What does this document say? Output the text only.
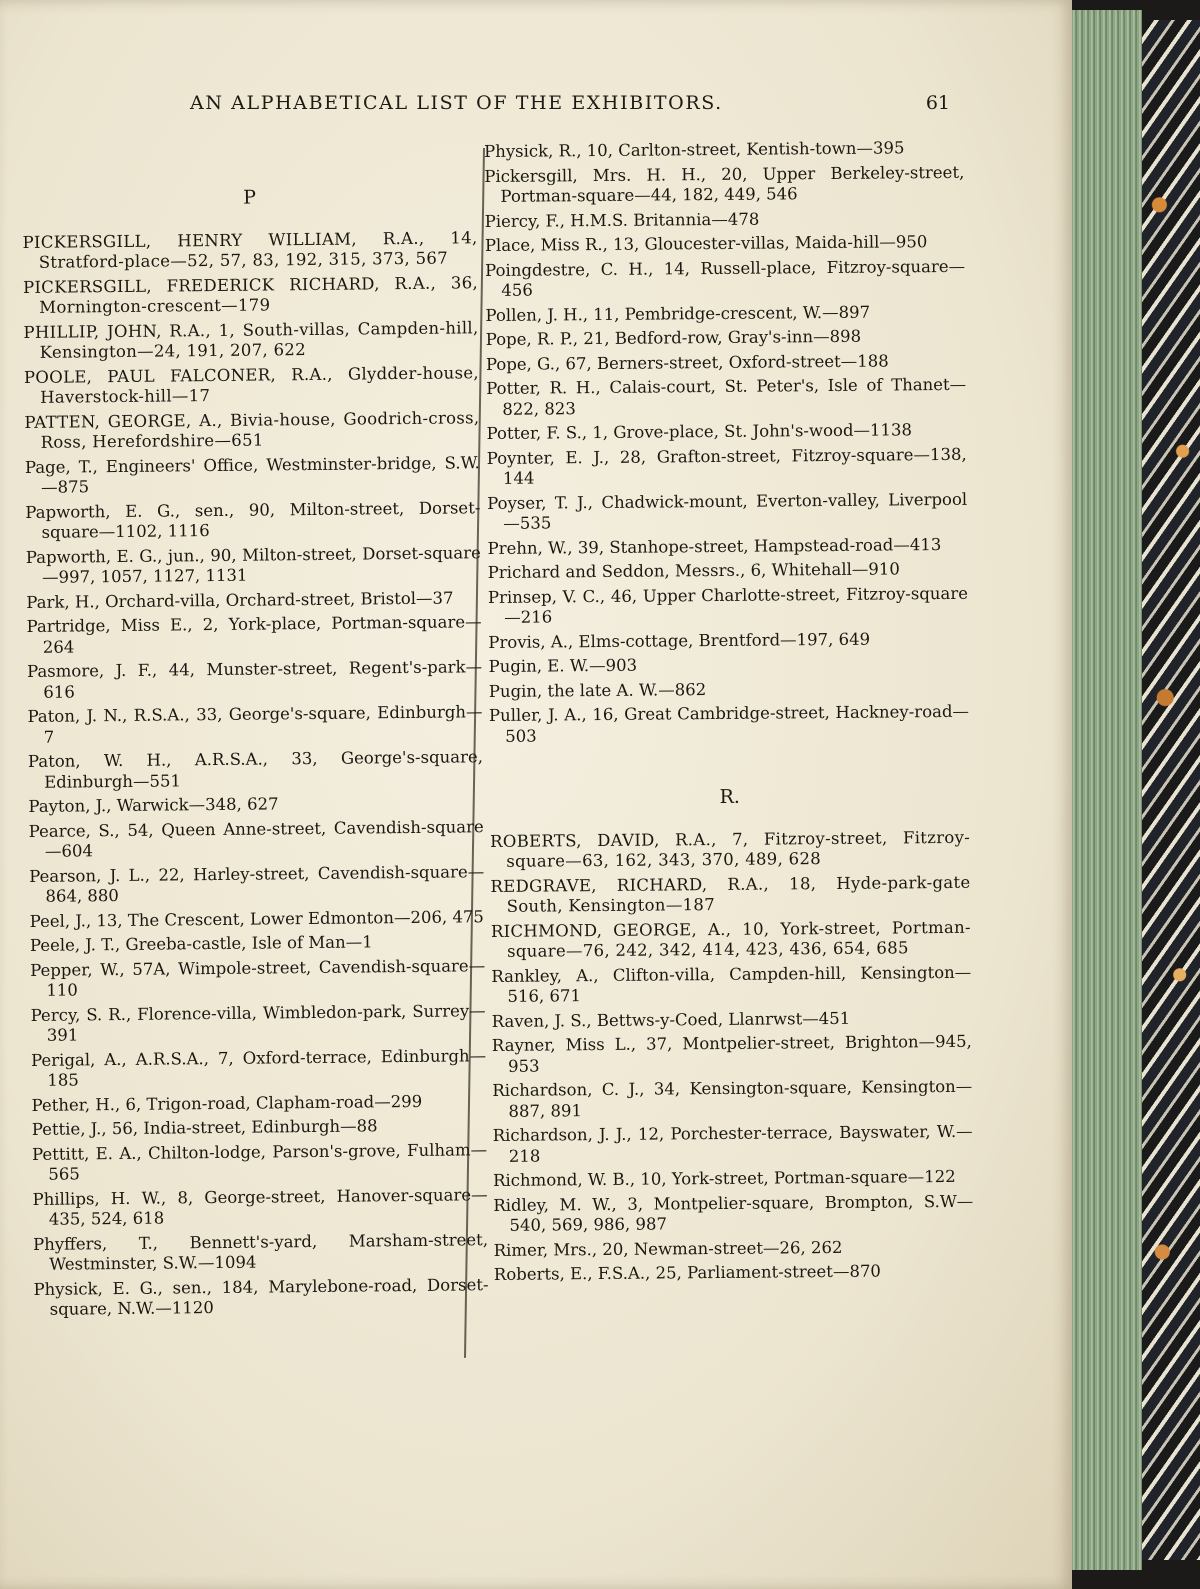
AN ALPHABETICAL LIST OF THE EXHIBITORS.	61
P
PICKERSGILL, HENRY WILLIAM, R.A., 14, Stratford-place—52, 57, 83, 192, 315, 373, 567
PICKERSGILL, FREDERICK RICHARD, R.A., 36, Mornington-crescent—179
PHILLIP, JOHN, R.A., 1, South-villas, Campden-hill, Kensington—24, 191, 207, 622
POOLE, PAUL FALCONER, R.A., Glydder-house, Haverstock-hill—17
PATTEN, GEORGE, A., Bivia-house, Goodrich-cross, Ross, Herefordshire—651
Page, T., Engineers' Office, Westminster-bridge, S.W.—875
Papworth, E. G., sen., 90, Milton-street, Dorset-square—1102, 1116
Papworth, E. G., jun., 90, Milton-street, Dorset-square—997, 1057, 1127, 1131
Park, H., Orchard-villa, Orchard-street, Bristol—37
Partridge, Miss E., 2, York-place, Portman-square—264
Pasmore, J. F., 44, Munster-street, Regent's-park—616
Paton, J. N., R.S.A., 33, George's-square, Edinburgh—7
Paton, W. H., A.R.S.A., 33, George's-square, Edinburgh—551
Payton, J., Warwick—348, 627
Pearce, S., 54, Queen Anne-street, Cavendish-square—604
Pearson, J. L., 22, Harley-street, Cavendish-square—864, 880
Peel, J., 13, The Crescent, Lower Edmonton—206, 475
Peele, J. T., Greeba-castle, Isle of Man—1
Pepper, W., 57A, Wimpole-street, Cavendish-square—110
Percy, S. R., Florence-villa, Wimbledon-park, Surrey—391
Perigal, A., A.R.S.A., 7, Oxford-terrace, Edinburgh—185
Pether, H., 6, Trigon-road, Clapham-road—299
Pettie, J., 56, India-street, Edinburgh—88
Pettitt, E. A., Chilton-lodge, Parson's-grove, Fulham—565
Phillips, H. W., 8, George-street, Hanover-square—435, 524, 618
Phyffers, T., Bennett's-yard, Marsham-street, Westminster, S.W.—1094
Physick, E. G., sen., 184, Marylebone-road, Dorset-square, N.W.—1120
Physick, R., 10, Carlton-street, Kentish-town—395
Pickersgill, Mrs. H. H., 20, Upper Berkeley-street, Portman-square—44, 182, 449, 546
Piercy, F., H.M.S. Britannia—478
Place, Miss R., 13, Gloucester-villas, Maida-hill—950
Poingdestre, C. H., 14, Russell-place, Fitzroy-square—456
Pollen, J. H., 11, Pembridge-crescent, W.—897
Pope, R. P., 21, Bedford-row, Gray's-inn—898
Pope, G., 67, Berners-street, Oxford-street—188
Potter, R. H., Calais-court, St. Peter's, Isle of Thanet—822, 823
Potter, F. S., 1, Grove-place, St. John's-wood—1138
Poynter, E. J., 28, Grafton-street, Fitzroy-square—138, 144
Poyser, T. J., Chadwick-mount, Everton-valley, Liverpool—535
Prehn, W., 39, Stanhope-street, Hampstead-road—413
Prichard and Seddon, Messrs., 6, Whitehall—910
Prinsep, V. C., 46, Upper Charlotte-street, Fitzroy-square—216
Provis, A., Elms-cottage, Brentford—197, 649
Pugin, E. W.—903
Pugin, the late A. W.—862
Puller, J. A., 16, Great Cambridge-street, Hackney-road—503
R.
ROBERTS, DAVID, R.A., 7, Fitzroy-street, Fitzroy-square—63, 162, 343, 370, 489, 628
REDGRAVE, RICHARD, R.A., 18, Hyde-park-gate South, Kensington—187
RICHMOND, GEORGE, A., 10, York-street, Portman-square—76, 242, 342, 414, 423, 436, 654, 685
Rankley, A., Clifton-villa, Campden-hill, Kensington—516, 671
Raven, J. S., Bettws-y-Coed, Llanrwst—451
Rayner, Miss L., 37, Montpelier-street, Brighton—945, 953
Richardson, C. J., 34, Kensington-square, Kensington—887, 891
Richardson, J. J., 12, Porchester-terrace, Bayswater, W.—218
Richmond, W. B., 10, York-street, Portman-square—122
Ridley, M. W., 3, Montpelier-square, Brompton, S.W—540, 569, 986, 987
Rimer, Mrs., 20, Newman-street—26, 262
Roberts, E., F.S.A., 25, Parliament-street—870
